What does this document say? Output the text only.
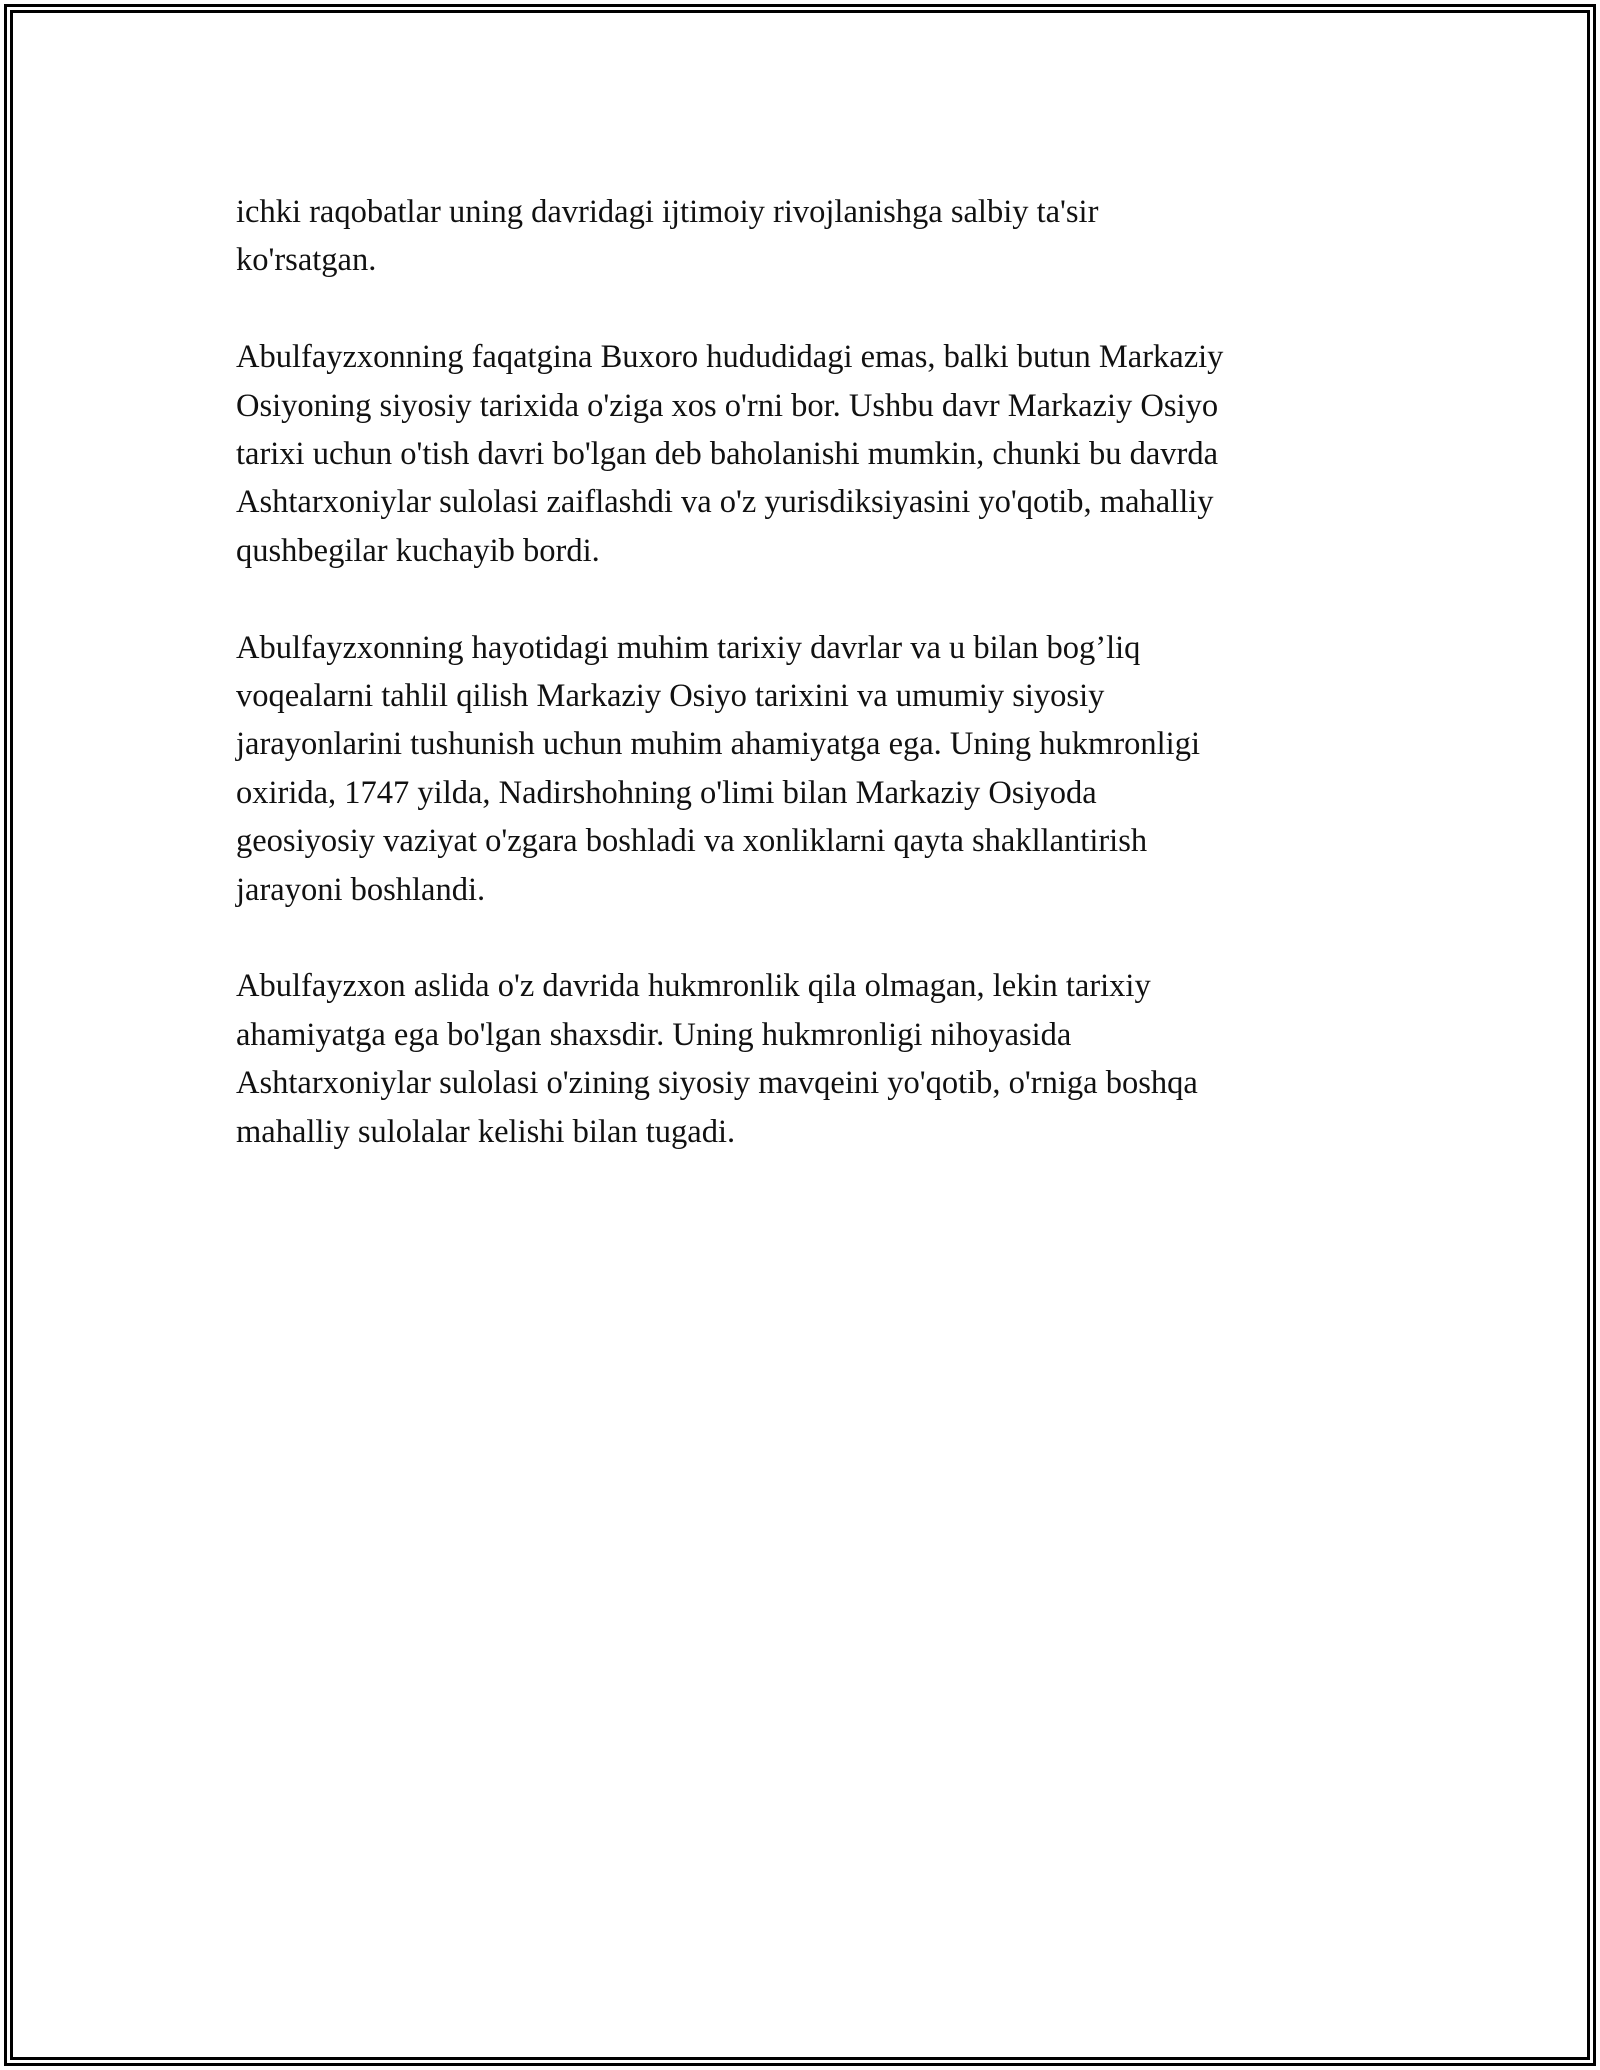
ichki raqobatlar uning davridagi ijtimoiy rivojlanishga salbiy ta'sir
ko'rsatgan.

Abulfayzxonning faqatgina Buxoro hududidagi emas, balki butun Markaziy
Osiyoning siyosiy tarixida o'ziga xos o'rni bor. Ushbu davr Markaziy Osiyo
tarixi uchun o'tish davri bo'lgan deb baholanishi mumkin, chunki bu davrda
Ashtarxoniylar sulolasi zaiflashdi va o'z yurisdiksiyasini yo'qotib, mahalliy
qushbegilar kuchayib bordi.

Abulfayzxonning hayotidagi muhim tarixiy davrlar va u bilan bog’liq
voqealarni tahlil qilish Markaziy Osiyo tarixini va umumiy siyosiy
jarayonlarini tushunish uchun muhim ahamiyatga ega. Uning hukmronligi
oxirida, 1747 yilda, Nadirshohning o'limi bilan Markaziy Osiyoda
geosiyosiy vaziyat o'zgara boshladi va xonliklarni qayta shakllantirish
jarayoni boshlandi.

Abulfayzxon aslida o'z davrida hukmronlik qila olmagan, lekin tarixiy
ahamiyatga ega bo'lgan shaxsdir. Uning hukmronligi nihoyasida
Ashtarxoniylar sulolasi o'zining siyosiy mavqeini yo'qotib, o'rniga boshqa
mahalliy sulolalar kelishi bilan tugadi.
